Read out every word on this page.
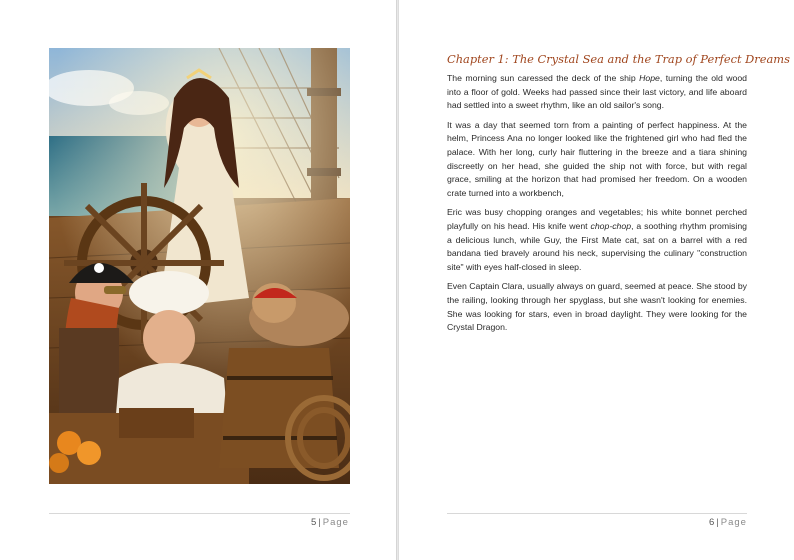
5 | Page
Chapter 1: The Crystal Sea and the Trap of Perfect Dreams

The morning sun caressed the deck of the ship Hope, turning the old wood into a floor of gold. Weeks had passed since their last victory, and life aboard had settled into a sweet rhythm, like an old sailor's song.

It was a day that seemed torn from a painting of perfect happiness. At the helm, Princess Ana no longer looked like the frightened girl who had fled the palace. With her long, curly hair fluttering in the breeze and a tiara shining discreetly on her head, she guided the ship not with force, but with regal grace, smiling at the horizon that had promised her freedom. On a wooden crate turned into a workbench,

Eric was busy chopping oranges and vegetables; his white bonnet perched playfully on his head. His knife went chop-chop, a soothing rhythm promising a delicious lunch, while Guy, the First Mate cat, sat on a barrel with a red bandana tied bravely around his neck, supervising the culinary "construction site" with eyes half-closed in sleep.

Even Captain Clara, usually always on guard, seemed at peace. She stood by the railing, looking through her spyglass, but she wasn't looking for enemies. She was looking for stars, even in broad daylight. They were looking for the Crystal Dragon.

6 | Page
